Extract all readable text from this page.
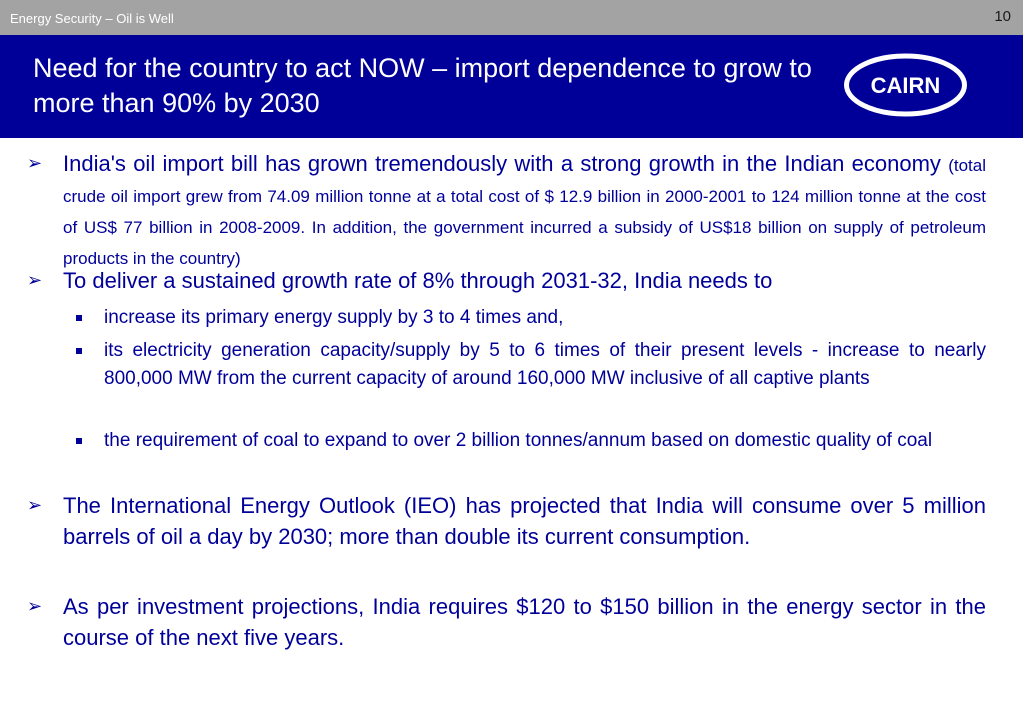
Energy Security – Oil is Well	10
Need for the country to act NOW – import dependence to grow to more than 90% by 2030
CAIRN

➢ India's oil import bill has grown tremendously with a strong growth in the Indian economy (total crude oil import grew from 74.09 million tonne at a total cost of $ 12.9 billion in 2000-2001 to 124 million tonne at the cost of US$ 77 billion in 2008-2009. In addition, the government incurred a subsidy of US$18 billion on supply of petroleum products in the country)

➢ To deliver a sustained growth rate of 8% through 2031-32, India needs to

increase its primary energy supply by 3 to 4 times and,

its electricity generation capacity/supply by 5 to 6 times of their present levels - increase to nearly 800,000 MW from the current capacity of around 160,000 MW inclusive of all captive plants

the requirement of coal to expand to over 2 billion tonnes/annum based on domestic quality of coal

➢ The International Energy Outlook (IEO) has projected that India will consume over 5 million barrels of oil a day by 2030; more than double its current consumption.

➢ As per investment projections, India requires $120 to $150 billion in the energy sector in the course of the next five years.
